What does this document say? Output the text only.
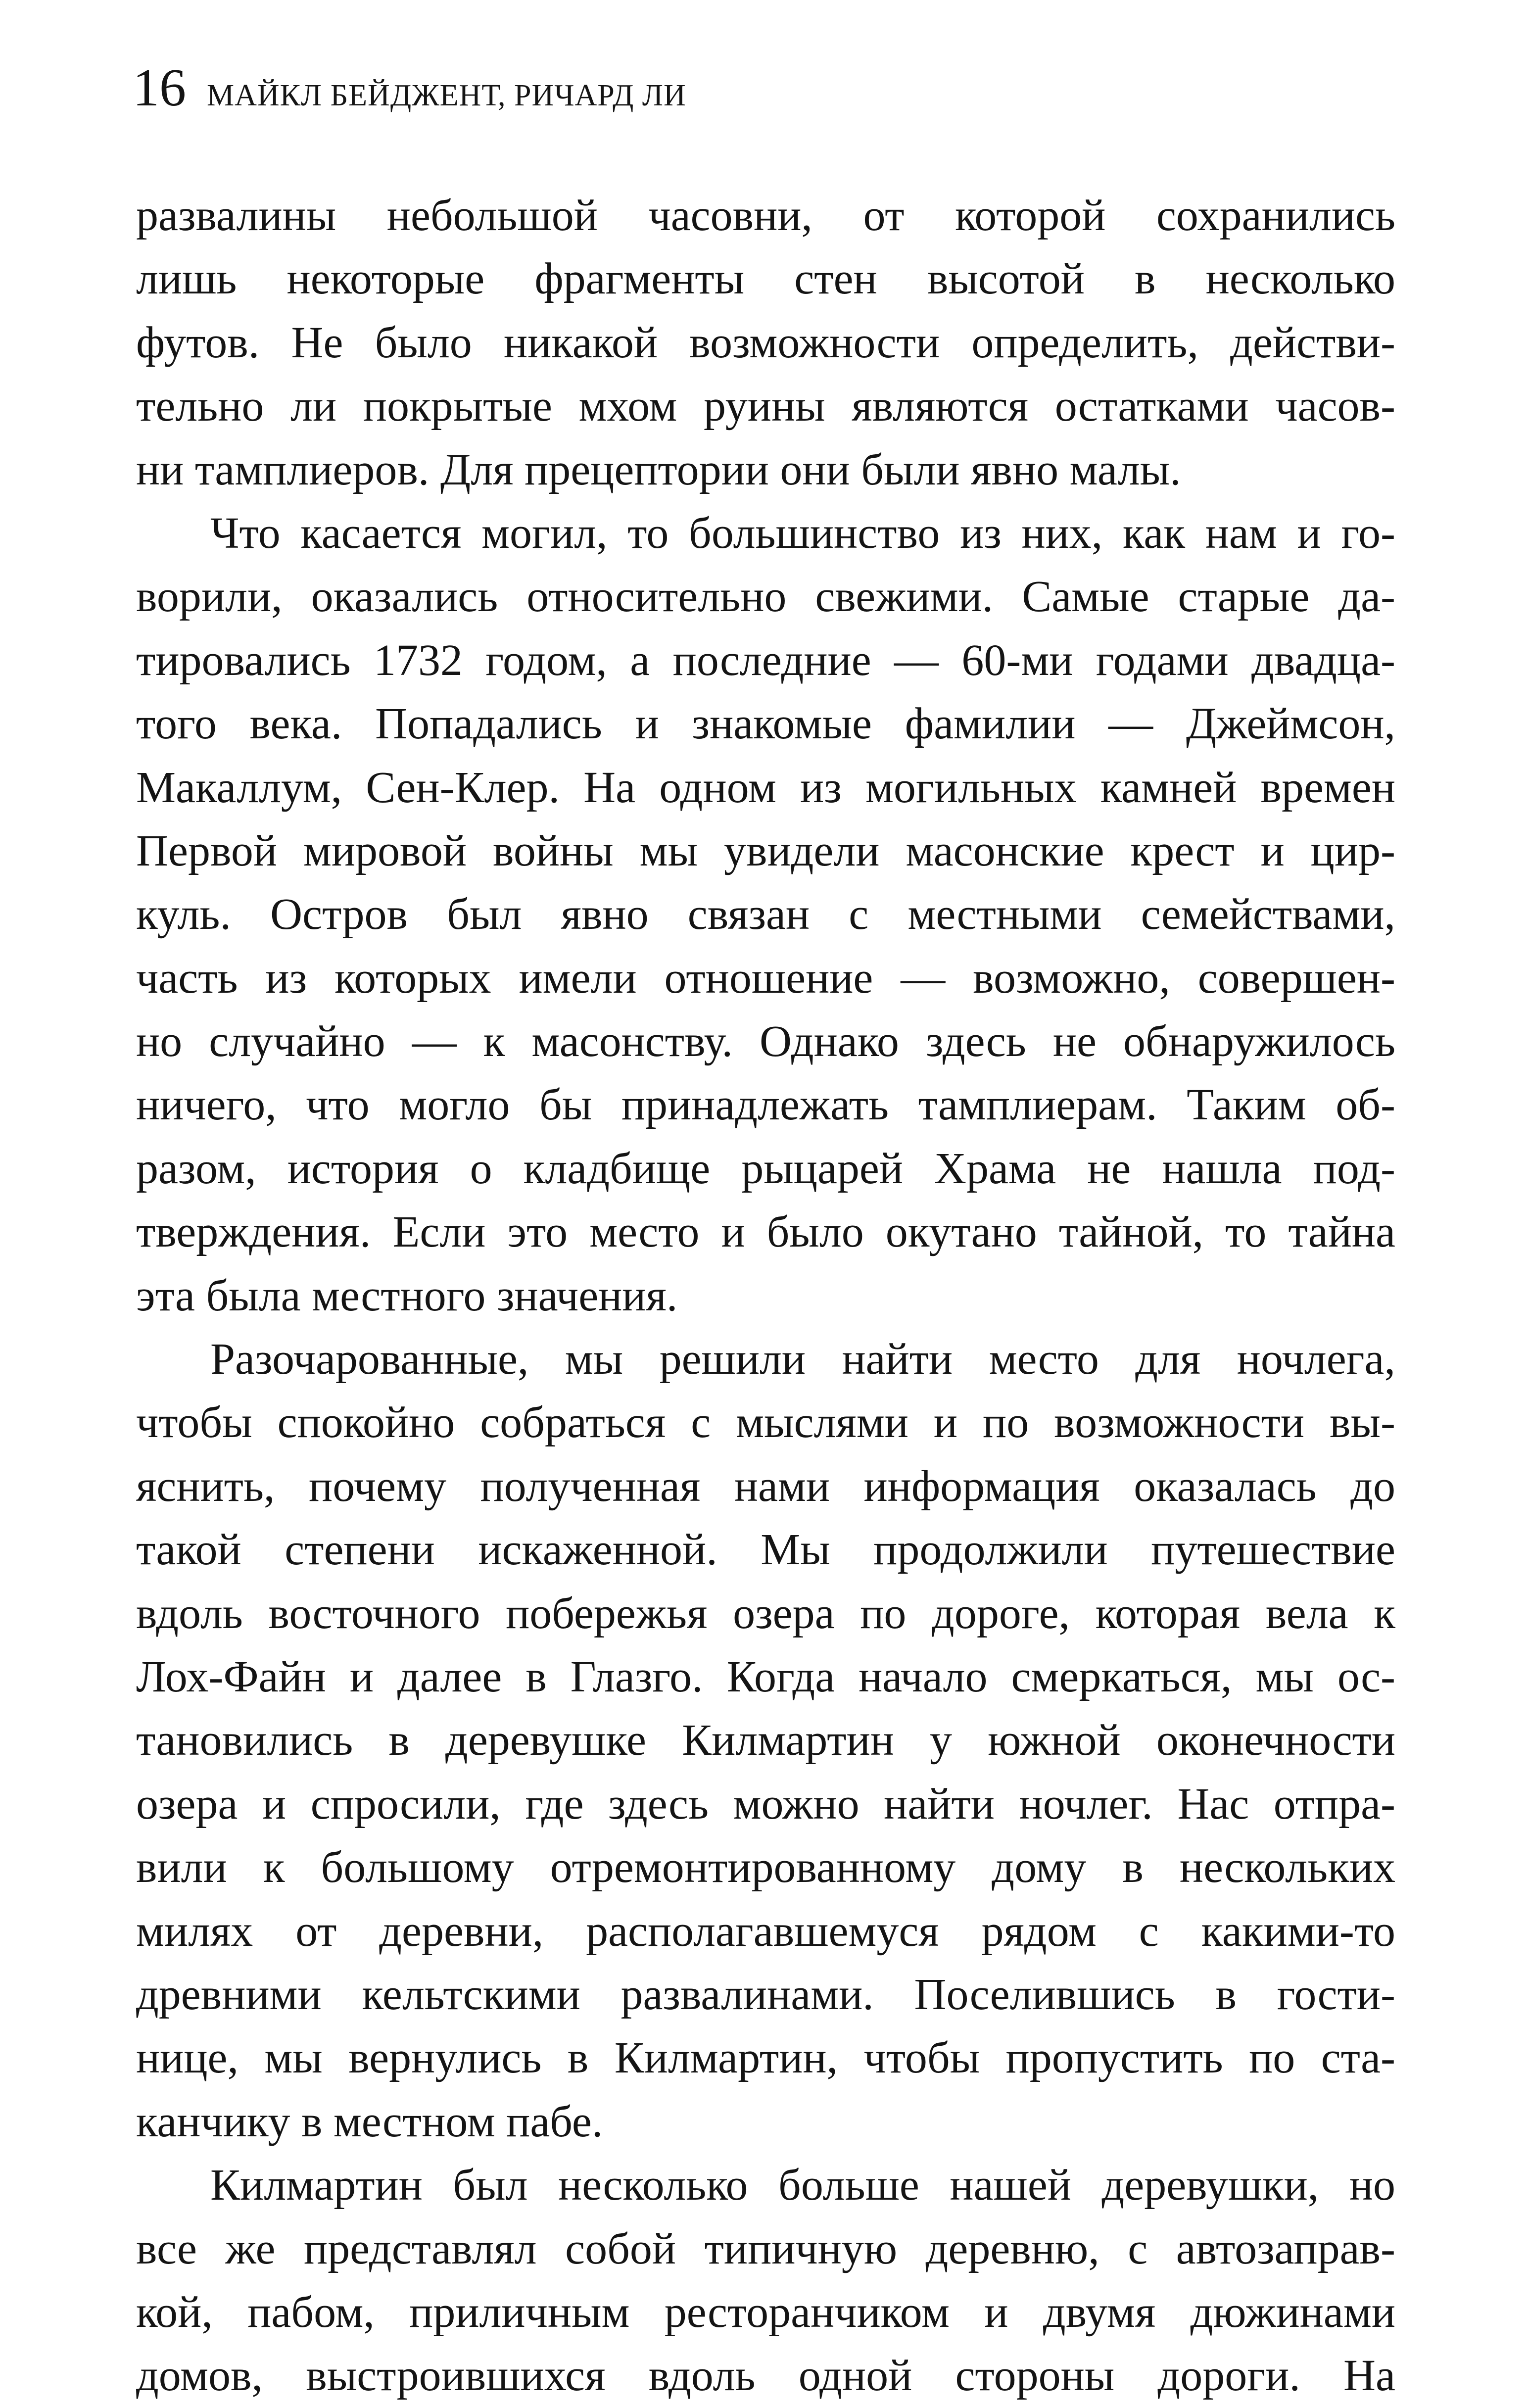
16 МАЙКЛ БЕЙДЖЕНТ, РИЧАРД ЛИ
развалины небольшой часовни, от которой сохранились
лишь некоторые фрагменты стен высотой в несколько
футов. Не было никакой возможности определить, действи-
тельно ли покрытые мхом руины являются остатками часов-
ни тамплиеров. Для прецептории они были явно малы.
Что касается могил, то большинство из них, как нам и го-
ворили, оказались относительно свежими. Самые старые да-
тировались 1732 годом, а последние — 60-ми годами двадца-
того века. Попадались и знакомые фамилии — Джеймсон,
Макаллум, Сен-Клер. На одном из могильных камней времен
Первой мировой войны мы увидели масонские крест и цир-
куль. Остров был явно связан с местными семействами,
часть из которых имели отношение — возможно, совершен-
но случайно — к масонству. Однако здесь не обнаружилось
ничего, что могло бы принадлежать тамплиерам. Таким об-
разом, история о кладбище рыцарей Храма не нашла под-
тверждения. Если это место и было окутано тайной, то тайна
эта была местного значения.
Разочарованные, мы решили найти место для ночлега,
чтобы спокойно собраться с мыслями и по возможности вы-
яснить, почему полученная нами информация оказалась до
такой степени искаженной. Мы продолжили путешествие
вдоль восточного побережья озера по дороге, которая вела к
Лох-Файн и далее в Глазго. Когда начало смеркаться, мы ос-
тановились в деревушке Килмартин у южной оконечности
озера и спросили, где здесь можно найти ночлег. Нас отпра-
вили к большому отремонтированному дому в нескольких
милях от деревни, располагавшемуся рядом с какими-то
древними кельтскими развалинами. Поселившись в гости-
нице, мы вернулись в Килмартин, чтобы пропустить по ста-
канчику в местном пабе.
Килмартин был несколько больше нашей деревушки, но
все же представлял собой типичную деревню, с автозаправ-
кой, пабом, приличным ресторанчиком и двумя дюжинами
домов, выстроившихся вдоль одной стороны дороги. На
